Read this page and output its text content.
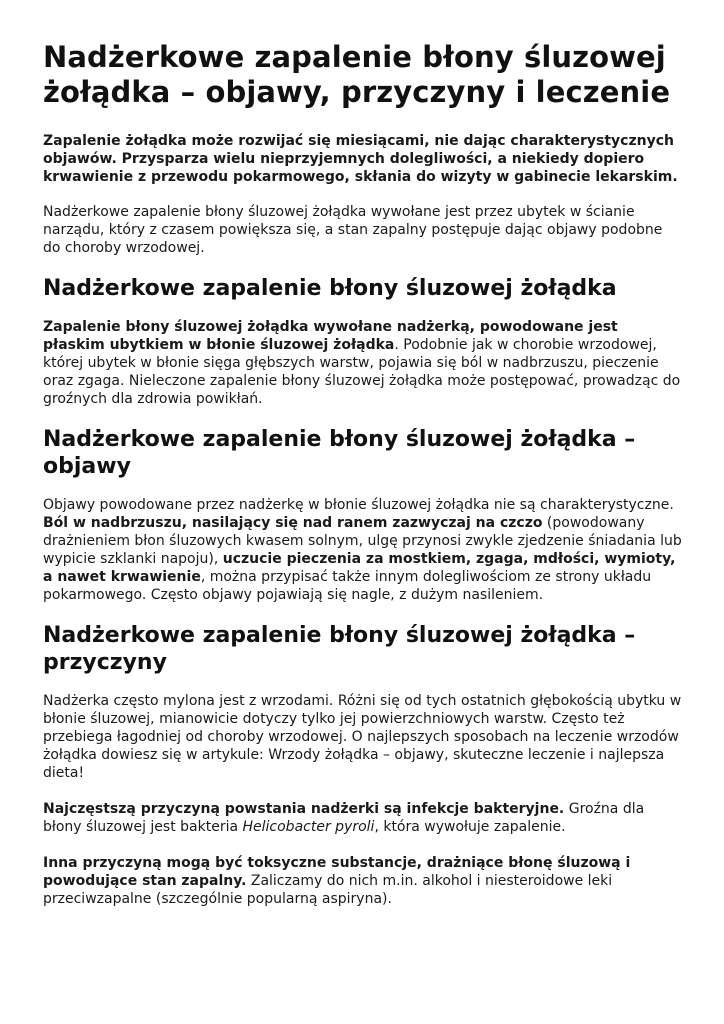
Nadżerkowe zapalenie błony śluzowej żołądka – objawy, przyczyny i leczenie

Zapalenie żołądka może rozwijać się miesiącami, nie dając charakterystycznych objawów. Przysparza wielu nieprzyjemnych dolegliwości, a niekiedy dopiero krwawienie z przewodu pokarmowego, skłania do wizyty w gabinecie lekarskim.

Nadżerkowe zapalenie błony śluzowej żołądka wywołane jest przez ubytek w ścianie narządu, który z czasem powiększa się, a stan zapalny postępuje dając objawy podobne do choroby wrzodowej.

Nadżerkowe zapalenie błony śluzowej żołądka

Zapalenie błony śluzowej żołądka wywołane nadżerką, powodowane jest płaskim ubytkiem w błonie śluzowej żołądka. Podobnie jak w chorobie wrzodowej, której ubytek w błonie sięga głębszych warstw, pojawia się ból w nadbrzuszu, pieczenie oraz zgaga. Nieleczone zapalenie błony śluzowej żołądka może postępować, prowadząc do groźnych dla zdrowia powikłań.

Nadżerkowe zapalenie błony śluzowej żołądka – objawy

Objawy powodowane przez nadżerkę w błonie śluzowej żołądka nie są charakterystyczne. Ból w nadbrzuszu, nasilający się nad ranem zazwyczaj na czczo (powodowany drażnieniem błon śluzowych kwasem solnym, ulgę przynosi zwykle zjedzenie śniadania lub wypicie szklanki napoju), uczucie pieczenia za mostkiem, zgaga, mdłości, wymioty, a nawet krwawienie, można przypisać także innym dolegliwościom ze strony układu pokarmowego. Często objawy pojawiają się nagle, z dużym nasileniem.

Nadżerkowe zapalenie błony śluzowej żołądka – przyczyny

Nadżerka często mylona jest z wrzodami. Różni się od tych ostatnich głębokością ubytku w błonie śluzowej, mianowicie dotyczy tylko jej powierzchniowych warstw. Często też przebiega łagodniej od choroby wrzodowej. O najlepszych sposobach na leczenie wrzodów żołądka dowiesz się w artykule: Wrzody żołądka – objawy, skuteczne leczenie i najlepsza dieta!

Najczęstszą przyczyną powstania nadżerki są infekcje bakteryjne. Groźna dla błony śluzowej jest bakteria Helicobacter pyroli, która wywołuje zapalenie.

Inna przyczyną mogą być toksyczne substancje, drażniące błonę śluzową i powodujące stan zapalny. Zaliczamy do nich m.in. alkohol i niesteroidowe leki przeciwzapalne (szczególnie popularną aspiryna).
